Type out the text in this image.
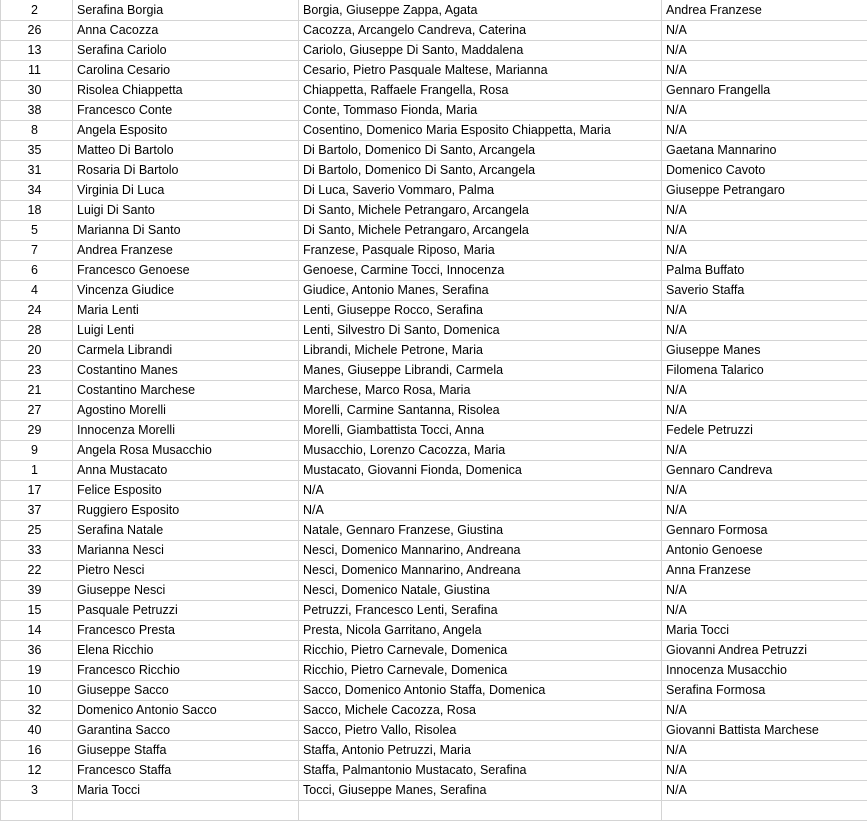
2	Serafina Borgia	Borgia, Giuseppe Zappa, Agata	Andrea Franzese
26	Anna Cacozza	Cacozza, Arcangelo Candreva, Caterina	N/A
13	Serafina Cariolo	Cariolo, Giuseppe Di Santo, Maddalena	N/A
11	Carolina Cesario	Cesario, Pietro Pasquale Maltese, Marianna	N/A
30	Risolea Chiappetta	Chiappetta, Raffaele Frangella, Rosa	Gennaro Frangella
38	Francesco Conte	Conte, Tommaso Fionda, Maria	N/A
8	Angela Esposito	Cosentino, Domenico Maria Esposito Chiappetta, Maria	N/A
35	Matteo Di Bartolo	Di Bartolo, Domenico Di Santo, Arcangela	Gaetana Mannarino
31	Rosaria Di Bartolo	Di Bartolo, Domenico Di Santo, Arcangela	Domenico Cavoto
34	Virginia Di Luca	Di Luca, Saverio Vommaro, Palma	Giuseppe Petrangaro
18	Luigi Di Santo	Di Santo, Michele Petrangaro, Arcangela	N/A
5	Marianna Di Santo	Di Santo, Michele Petrangaro, Arcangela	N/A
7	Andrea Franzese	Franzese, Pasquale Riposo, Maria	N/A
6	Francesco Genoese	Genoese, Carmine Tocci, Innocenza	Palma Buffato
4	Vincenza Giudice	Giudice, Antonio Manes, Serafina	Saverio Staffa
24	Maria Lenti	Lenti, Giuseppe Rocco, Serafina	N/A
28	Luigi Lenti	Lenti, Silvestro Di Santo, Domenica	N/A
20	Carmela Librandi	Librandi, Michele Petrone, Maria	Giuseppe Manes
23	Costantino Manes	Manes, Giuseppe Librandi, Carmela	Filomena Talarico
21	Costantino Marchese	Marchese, Marco Rosa, Maria	N/A
27	Agostino Morelli	Morelli, Carmine Santanna, Risolea	N/A
29	Innocenza Morelli	Morelli, Giambattista Tocci, Anna	Fedele Petruzzi
9	Angela Rosa Musacchio	Musacchio, Lorenzo Cacozza, Maria	N/A
1	Anna Mustacato	Mustacato, Giovanni Fionda, Domenica	Gennaro Candreva
17	Felice Esposito	N/A	N/A
37	Ruggiero Esposito	N/A	N/A
25	Serafina Natale	Natale, Gennaro Franzese, Giustina	Gennaro Formosa
33	Marianna Nesci	Nesci, Domenico Mannarino, Andreana	Antonio Genoese
22	Pietro Nesci	Nesci, Domenico Mannarino, Andreana	Anna Franzese
39	Giuseppe Nesci	Nesci, Domenico Natale, Giustina	N/A
15	Pasquale Petruzzi	Petruzzi, Francesco Lenti, Serafina	N/A
14	Francesco Presta	Presta, Nicola Garritano, Angela	Maria Tocci
36	Elena Ricchio	Ricchio, Pietro Carnevale, Domenica	Giovanni Andrea Petruzzi
19	Francesco Ricchio	Ricchio, Pietro Carnevale, Domenica	Innocenza Musacchio
10	Giuseppe Sacco	Sacco, Domenico Antonio Staffa, Domenica	Serafina Formosa
32	Domenico Antonio Sacco	Sacco, Michele Cacozza, Rosa	N/A
40	Garantina Sacco	Sacco, Pietro Vallo, Risolea	Giovanni Battista Marchese
16	Giuseppe Staffa	Staffa, Antonio Petruzzi, Maria	N/A
12	Francesco Staffa	Staffa, Palmantonio Mustacato, Serafina	N/A
3	Maria Tocci	Tocci, Giuseppe Manes, Serafina	N/A
